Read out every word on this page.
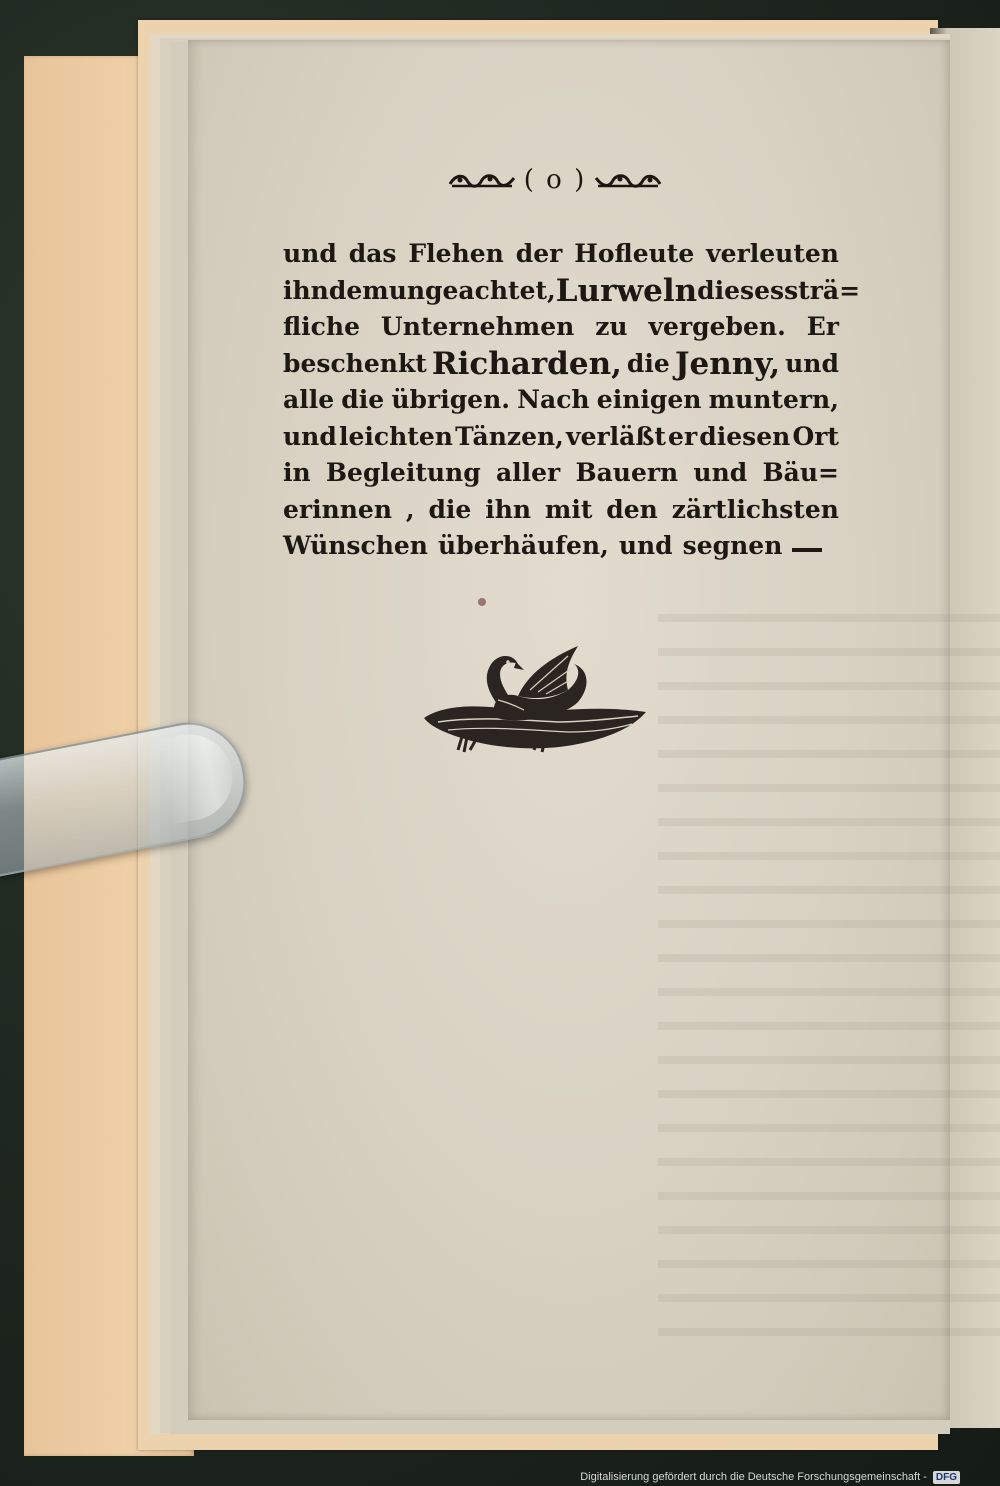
( o )
und das Flehen der Hofleute verleuten
ihn demungeachtet, Lurweln dieses strä=
fliche Unternehmen zu vergeben. Er
beschenkt Richarden, die Jenny, und
alle die übrigen. Nach einigen muntern,
und leichten Tänzen, verläßt er diesen Ort
in Begleitung aller Bauern und Bäu=
erinnen , die ihn mit den zärtlichsten
Wünschen überhäufen, und segnen
Digitalisierung gefördert durch die Deutsche Forschungsgemeinschaft - DFG
